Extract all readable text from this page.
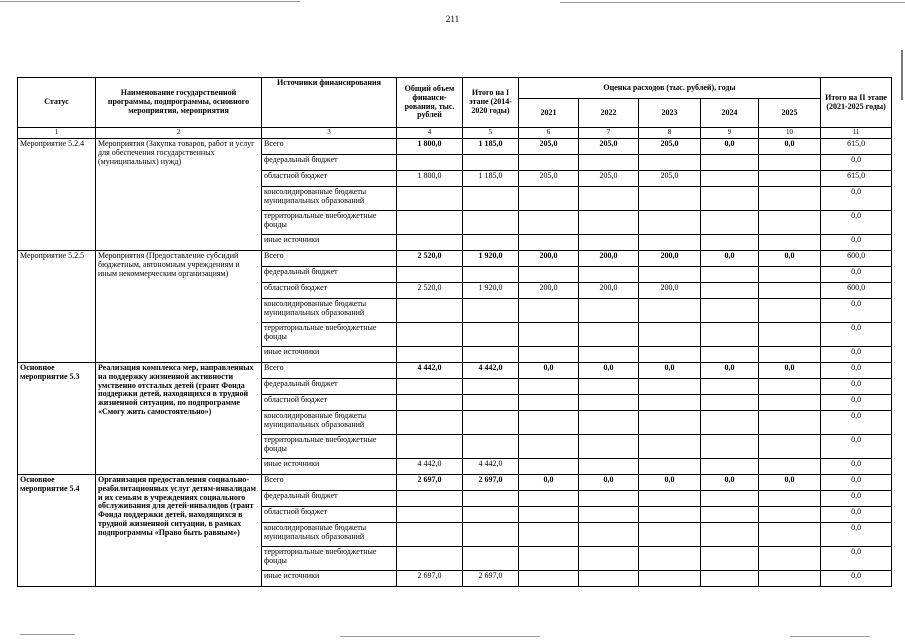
211
Статус	Наименование государственной программы, подпрограммы, основного мероприятия, мероприятия	Источники финансирования	Общий объем финанси-рования, тыс. рублей	Итого на I этапе (2014-2020 годы)	Оценка расходов (тыс. рублей), годы					Итого на II этапе (2021-2025 годы)
					2021	2022	2023	2024	2025	
1	2	3	4	5	6	7	8	9	10	11
Мероприятие 5.2.4	Мероприятия (Закупка товаров, работ и услуг для обеспечения государственных (муниципальных) нужд)	Всего	1 800,0	1 185,0	205,0	205,0	205,0	0,0	0,0	615,0
		федеральный бюджет								0,0
		областной бюджет	1 800,0	1 185,0	205,0	205,0	205,0			615,0
		консолидированные бюджеты муниципальных образований								0,0
		территориальные внебюджетные фонды								0,0
		иные источники								0,0
Мероприятие 5.2.5	Мероприятия (Предоставление субсидий бюджетным, автономным учреждениям и иным некоммерческим организациям)	Всего	2 520,0	1 920,0	200,0	200,0	200,0	0,0	0,0	600,0
		федеральный бюджет								0,0
		областной бюджет	2 520,0	1 920,0	200,0	200,0	200,0			600,0
		консолидированные бюджеты муниципальных образований								0,0
		территориальные внебюджетные фонды								0,0
		иные источники								0,0
Основное мероприятие 5.3	Реализация комплекса мер, направленных на поддержку жизненной активности умственно отсталых детей (грант Фонда поддержки детей, находящихся в трудной жизненной ситуации, по подпрограмме «Смогу жить самостоятельно»)	Всего	4 442,0	4 442,0	0,0	0,0	0,0	0,0	0,0	0,0
		федеральный бюджет								0,0
		областной бюджет								0,0
		консолидированные бюджеты муниципальных образований								0,0
		территориальные внебюджетные фонды								0,0
		иные источники	4 442,0	4 442,0						0,0
Основное мероприятие 5.4	Организация предоставления социально-реабилитационных услуг детям-инвалидам и их семьям в учреждениях социального обслуживания для детей-инвалидов (грант Фонда поддержки детей, находящихся в трудной жизненной ситуации, в рамках подпрограммы «Право быть равным»)	Всего	2 697,0	2 697,0	0,0	0,0	0,0	0,0	0,0	0,0
		федеральный бюджет								0,0
		областной бюджет								0,0
		консолидированные бюджеты муниципальных образований								0,0
		территориальные внебюджетные фонды								0,0
		иные источники	2 697,0	2 697,0						0,0
